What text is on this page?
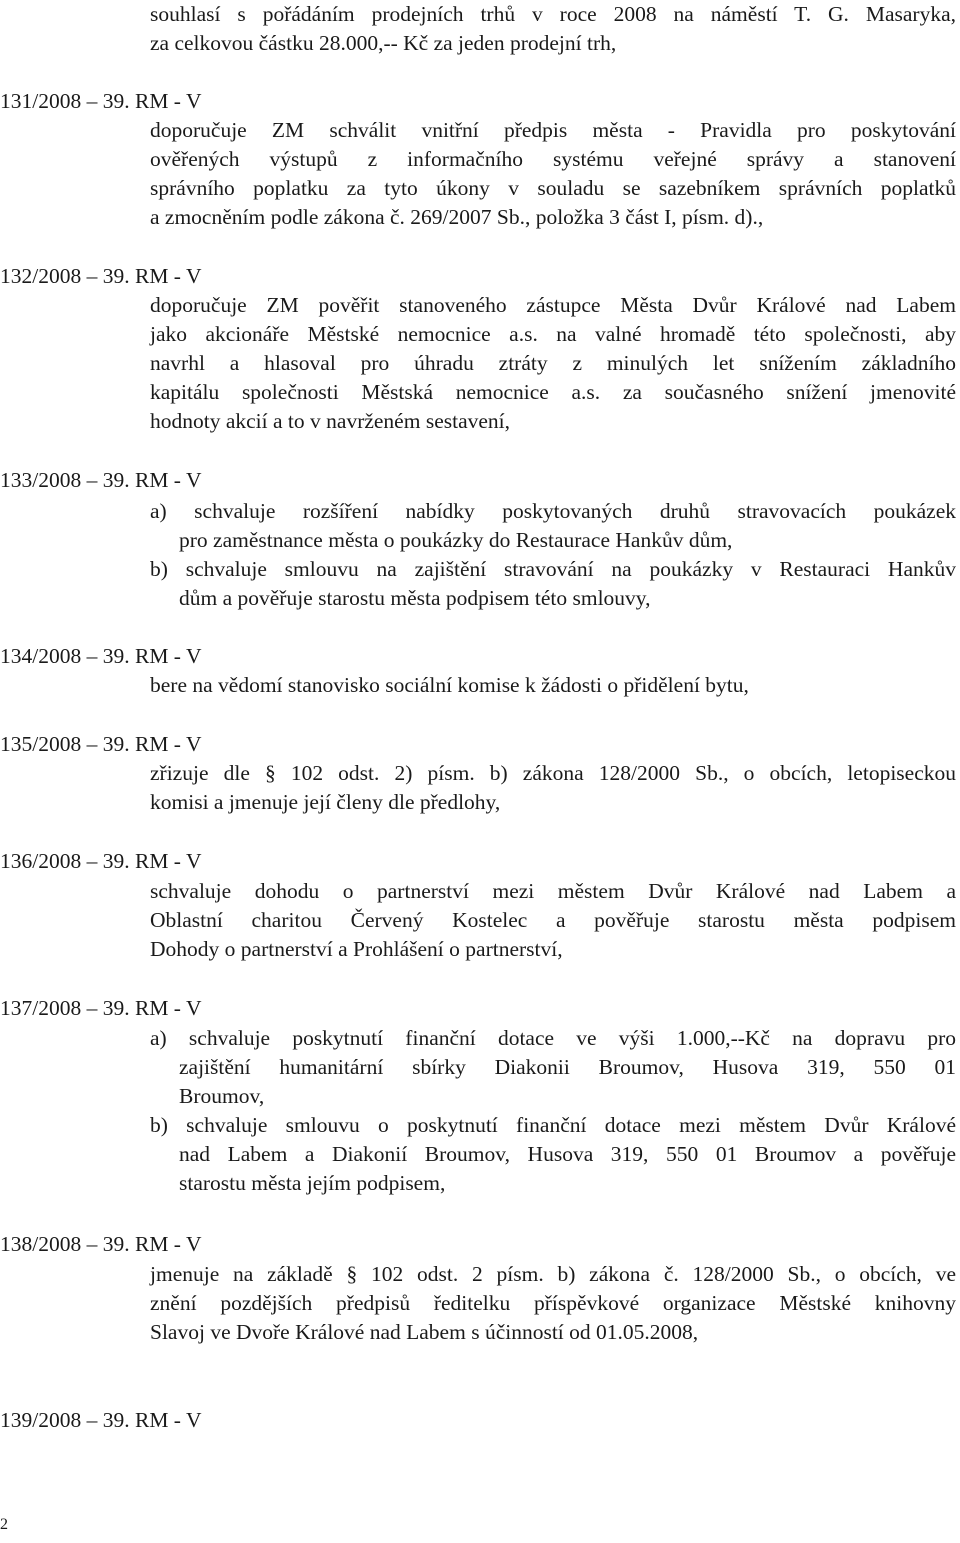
souhlasí s pořádáním prodejních trhů v roce 2008 na náměstí T. G. Masaryka,
za celkovou částku 28.000,-- Kč za jeden prodejní trh,
131/2008 – 39. RM - V
doporučuje ZM schválit vnitřní předpis města - Pravidla pro poskytování
ověřených výstupů z informačního systému veřejné správy a stanovení
správního poplatku za tyto úkony v souladu se sazebníkem správních poplatků
a zmocněním podle zákona č. 269/2007 Sb., položka 3 část I, písm. d).,
132/2008 – 39. RM - V
doporučuje ZM pověřit stanoveného zástupce Města Dvůr Králové nad Labem
jako akcionáře Městské nemocnice a.s. na valné hromadě této společnosti, aby
navrhl a hlasoval pro úhradu ztráty z minulých let snížením základního
kapitálu společnosti Městská nemocnice a.s. za současného snížení jmenovité
hodnoty akcií a to v navrženém sestavení,
133/2008 – 39. RM - V
a) schvaluje rozšíření nabídky poskytovaných druhů stravovacích poukázek
pro zaměstnance města o poukázky do Restaurace Hankův dům,
b) schvaluje smlouvu na zajištění stravování na poukázky v Restauraci Hankův
dům a pověřuje starostu města podpisem této smlouvy,
134/2008 – 39. RM - V
bere na vědomí stanovisko sociální komise k žádosti o přidělení bytu,
135/2008 – 39. RM - V
zřizuje dle § 102 odst. 2) písm. b) zákona 128/2000 Sb., o obcích, letopiseckou
komisi a jmenuje její členy dle předlohy,
136/2008 – 39. RM - V
schvaluje dohodu o partnerství mezi městem Dvůr Králové nad Labem a
Oblastní charitou Červený Kostelec a pověřuje starostu města podpisem
Dohody o partnerství a Prohlášení o partnerství,
137/2008 – 39. RM - V
a) schvaluje poskytnutí finanční dotace ve výši 1.000,--Kč na dopravu pro
zajištění humanitární sbírky Diakonii Broumov, Husova 319, 550 01
Broumov,
b) schvaluje smlouvu o poskytnutí finanční dotace mezi městem Dvůr Králové
nad Labem a Diakonií Broumov, Husova 319, 550 01 Broumov a pověřuje
starostu města jejím podpisem,
138/2008 – 39. RM - V
jmenuje na základě § 102 odst. 2 písm. b) zákona č. 128/2000 Sb., o obcích, ve
znění pozdějších předpisů ředitelku příspěvkové organizace Městské knihovny
Slavoj ve Dvoře Králové nad Labem s účinností od 01.05.2008,
139/2008 – 39. RM - V
2
